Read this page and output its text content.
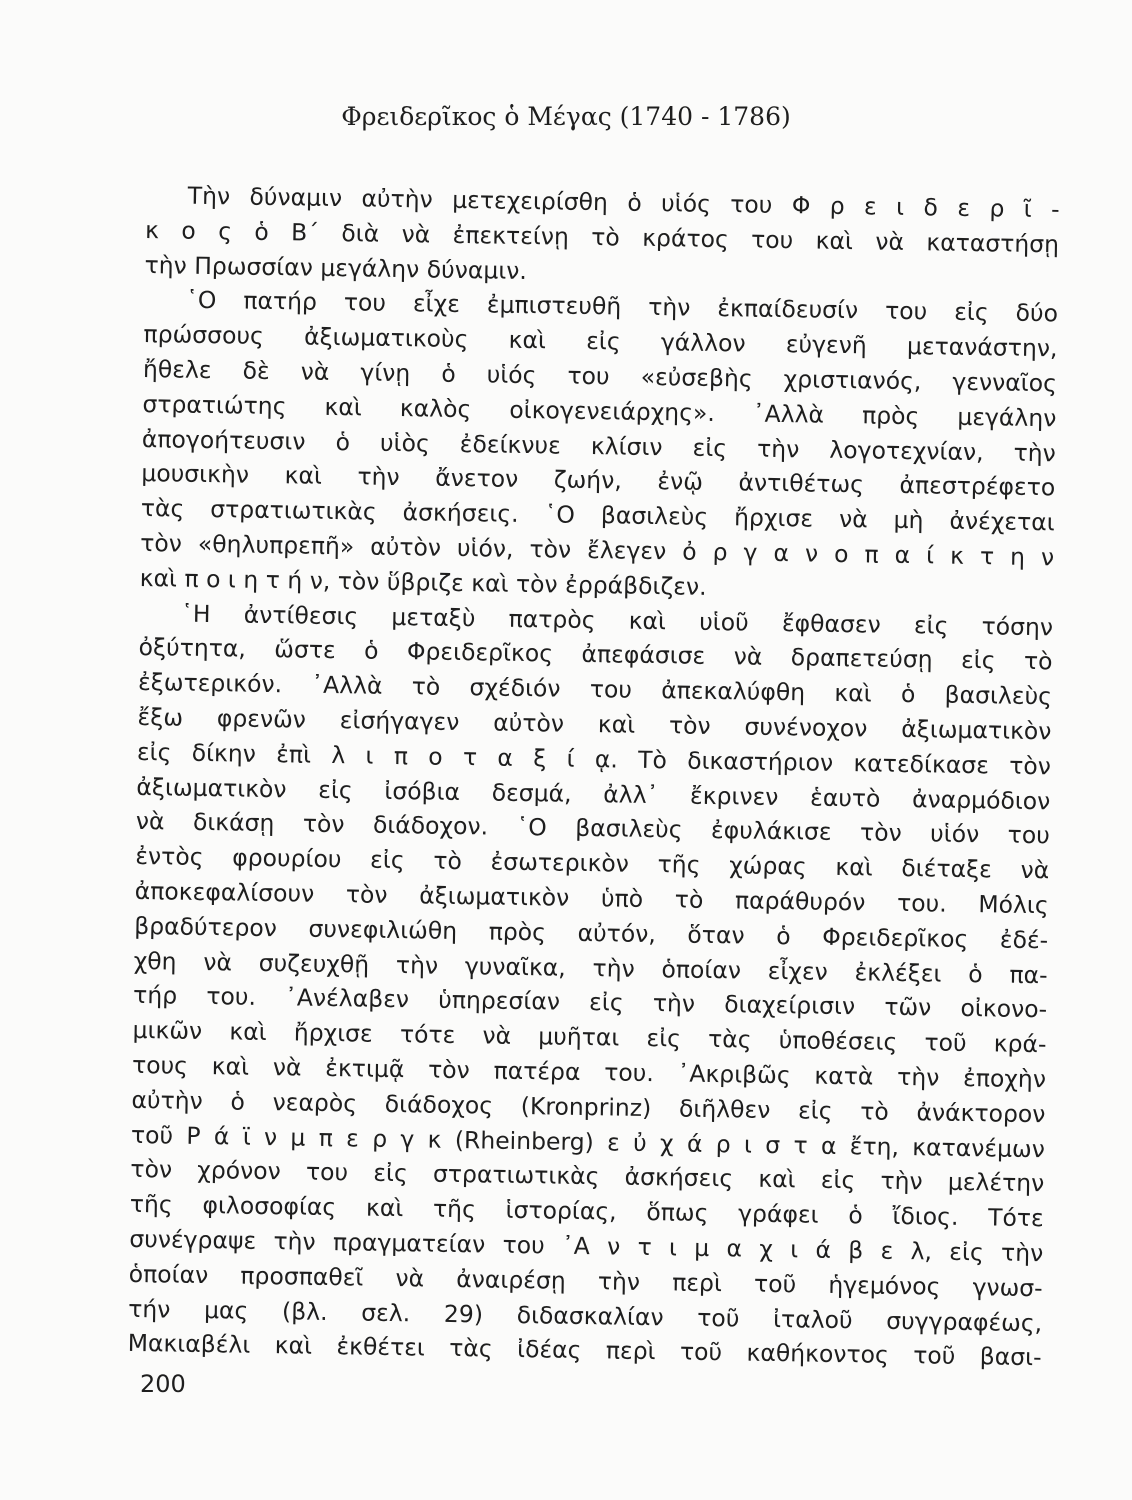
Φρειδερῖκος ὁ Μέγας (1740 - 1786)
Τὴν δύναμιν αὐτὴν μετεχειρίσθη ὁ υἱός του Φ ρ ε ι δ ε ρ ῖ -
κ ο ς ὁ Β΄ διὰ νὰ ἐπεκτείνῃ τὸ κράτος του καὶ νὰ καταστήσῃ
τὴν Πρωσσίαν μεγάλην δύναμιν.
῾Ο πατήρ του εἶχε ἐμπιστευθῆ τὴν ἐκπαίδευσίν του εἰς δύο
πρώσσους ἀξιωματικοὺς καὶ εἰς γάλλον εὐγενῆ μετανάστην,
ἤθελε δὲ νὰ γίνῃ ὁ υἱός του «εὐσεβὴς χριστιανός, γενναῖος
στρατιώτης καὶ καλὸς οἰκογενειάρχης». ᾿Αλλὰ πρὸς μεγάλην
ἀπογοήτευσιν ὁ υἱὸς ἐδείκνυε κλίσιν εἰς τὴν λογοτεχνίαν, τὴν
μουσικὴν καὶ τὴν ἄνετον ζωήν, ἐνῷ ἀντιθέτως ἀπεστρέφετο
τὰς στρατιωτικὰς ἀσκήσεις. ῾Ο βασιλεὺς ἤρχισε νὰ μὴ ἀνέχεται
τὸν «θηλυπρεπῆ» αὐτὸν υἱόν, τὸν ἔλεγεν ὀ ρ γ α ν ο π α ί κ τ η ν
καὶ π ο ι η τ ή ν, τὸν ὕβριζε καὶ τὸν ἐρράβδιζεν.
῾Η ἀντίθεσις μεταξὺ πατρὸς καὶ υἱοῦ ἔφθασεν εἰς τόσην
ὀξύτητα, ὥστε ὁ Φρειδερῖκος ἀπεφάσισε νὰ δραπετεύσῃ εἰς τὸ
ἐξωτερικόν. ᾿Αλλὰ τὸ σχέδιόν του ἀπεκαλύφθη καὶ ὁ βασιλεὺς
ἔξω φρενῶν εἰσήγαγεν αὐτὸν καὶ τὸν συνένοχον ἀξιωματικὸν
εἰς δίκην ἐπὶ λ ι π ο τ α ξ ί ᾳ. Τὸ δικαστήριον κατεδίκασε τὸν
ἀξιωματικὸν εἰς ἰσόβια δεσμά, ἀλλ᾿ ἔκρινεν ἑαυτὸ ἀναρμόδιον
νὰ δικάσῃ τὸν διάδοχον. ῾Ο βασιλεὺς ἐφυλάκισε τὸν υἱόν του
ἐντὸς φρουρίου εἰς τὸ ἐσωτερικὸν τῆς χώρας καὶ διέταξε νὰ
ἀποκεφαλίσουν τὸν ἀξιωματικὸν ὑπὸ τὸ παράθυρόν του. Μόλις
βραδύτερον συνεφιλιώθη πρὸς αὐτόν, ὅταν ὁ Φρειδερῖκος ἐδέ-
χθη νὰ συζευχθῇ τὴν γυναῖκα, τὴν ὁποίαν εἶχεν ἐκλέξει ὁ πα-
τήρ του. ᾿Ανέλαβεν ὑπηρεσίαν εἰς τὴν διαχείρισιν τῶν οἰκονο-
μικῶν καὶ ἤρχισε τότε νὰ μυῆται εἰς τὰς ὑποθέσεις τοῦ κρά-
τους καὶ νὰ ἐκτιμᾷ τὸν πατέρα του. ᾿Ακριβῶς κατὰ τὴν ἐποχὴν
αὐτὴν ὁ νεαρὸς διάδοχος (Kronprinz) διῆλθεν εἰς τὸ ἀνάκτορον
τοῦ Ρ ά ϊ ν μ π ε ρ γ κ (Rheinberg) ε ὐ χ ά ρ ι σ τ α ἔτη, κατανέμων
τὸν χρόνον του εἰς στρατιωτικὰς ἀσκήσεις καὶ εἰς τὴν μελέτην
τῆς φιλοσοφίας καὶ τῆς ἱστορίας, ὅπως γράφει ὁ ἴδιος. Τότε
συνέγραψε τὴν πραγματείαν του ᾿Α ν τ ι μ α χ ι ά β ε λ, εἰς τὴν
ὁποίαν προσπαθεῖ νὰ ἀναιρέσῃ τὴν περὶ τοῦ ἡγεμόνος γνωσ-
τήν μας (βλ. σελ. 29) διδασκαλίαν τοῦ ἰταλοῦ συγγραφέως,
Μακιαβέλι καὶ ἐκθέτει τὰς ἰδέας περὶ τοῦ καθήκοντος τοῦ βασι-
200
